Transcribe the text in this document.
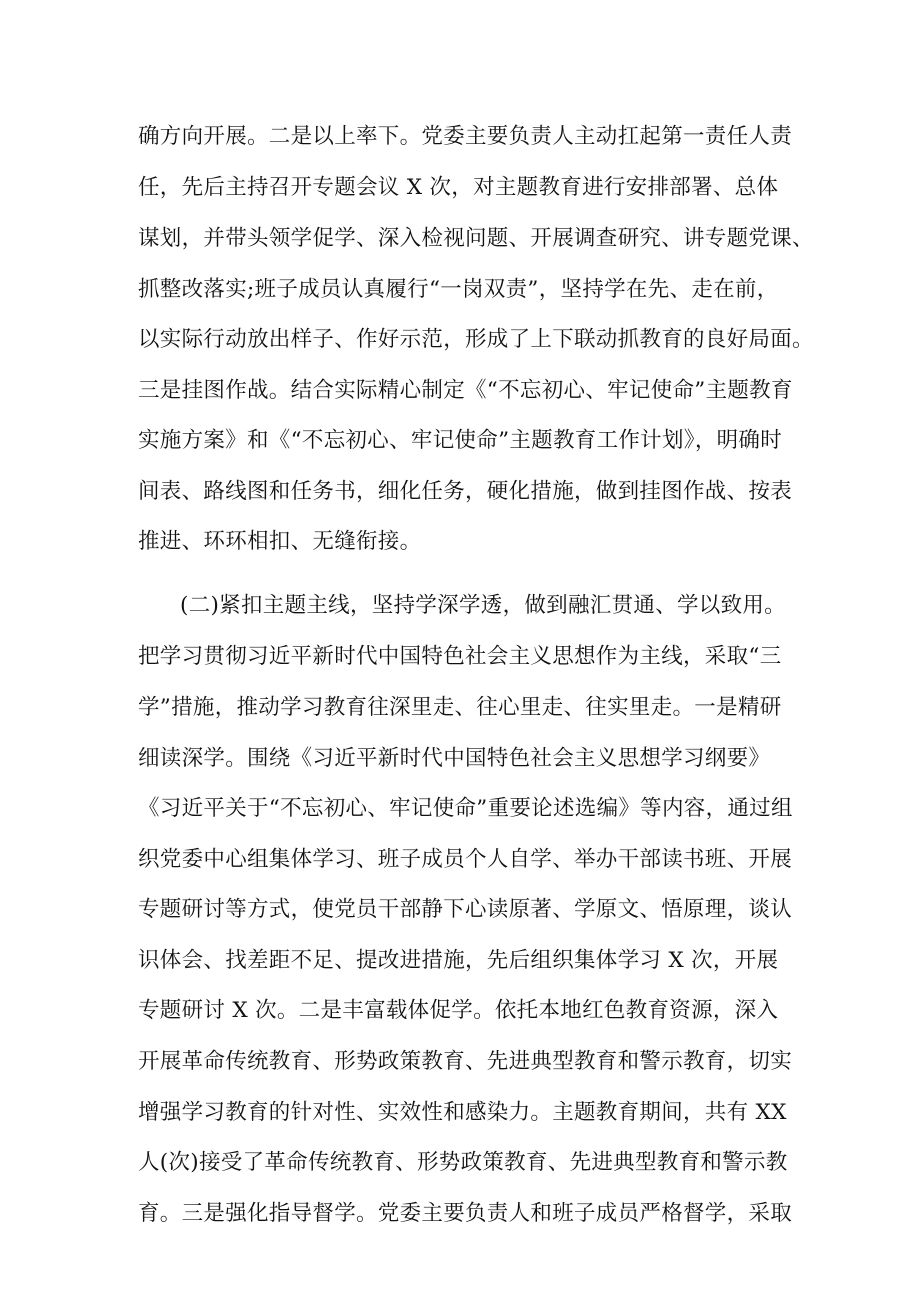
确方向开展。二是以上率下。党委主要负责人主动扛起第一责任人责
任，先后主持召开专题会议 X 次，对主题教育进行安排部署、总体
谋划，并带头领学促学、深入检视问题、开展调查研究、讲专题党课、
抓整改落实;班子成员认真履行“一岗双责”，坚持学在先、走在前，
以实际行动放出样子、作好示范，形成了上下联动抓教育的良好局面。
三是挂图作战。结合实际精心制定《“不忘初心、牢记使命”主题教育
实施方案》和《“不忘初心、牢记使命”主题教育工作计划》，明确时
间表、路线图和任务书，细化任务，硬化措施，做到挂图作战、按表
推进、环环相扣、无缝衔接。
(二)紧扣主题主线，坚持学深学透，做到融汇贯通、学以致用。
把学习贯彻习近平新时代中国特色社会主义思想作为主线，采取“三
学”措施，推动学习教育往深里走、往心里走、往实里走。一是精研
细读深学。围绕《习近平新时代中国特色社会主义思想学习纲要》
《习近平关于“不忘初心、牢记使命”重要论述选编》等内容，通过组
织党委中心组集体学习、班子成员个人自学、举办干部读书班、开展
专题研讨等方式，使党员干部静下心读原著、学原文、悟原理，谈认
识体会、找差距不足、提改进措施，先后组织集体学习 X 次，开展
专题研讨 X 次。二是丰富载体促学。依托本地红色教育资源，深入
开展革命传统教育、形势政策教育、先进典型教育和警示教育，切实
增强学习教育的针对性、实效性和感染力。主题教育期间，共有 XX
人(次)接受了革命传统教育、形势政策教育、先进典型教育和警示教
育。三是强化指导督学。党委主要负责人和班子成员严格督学，采取
